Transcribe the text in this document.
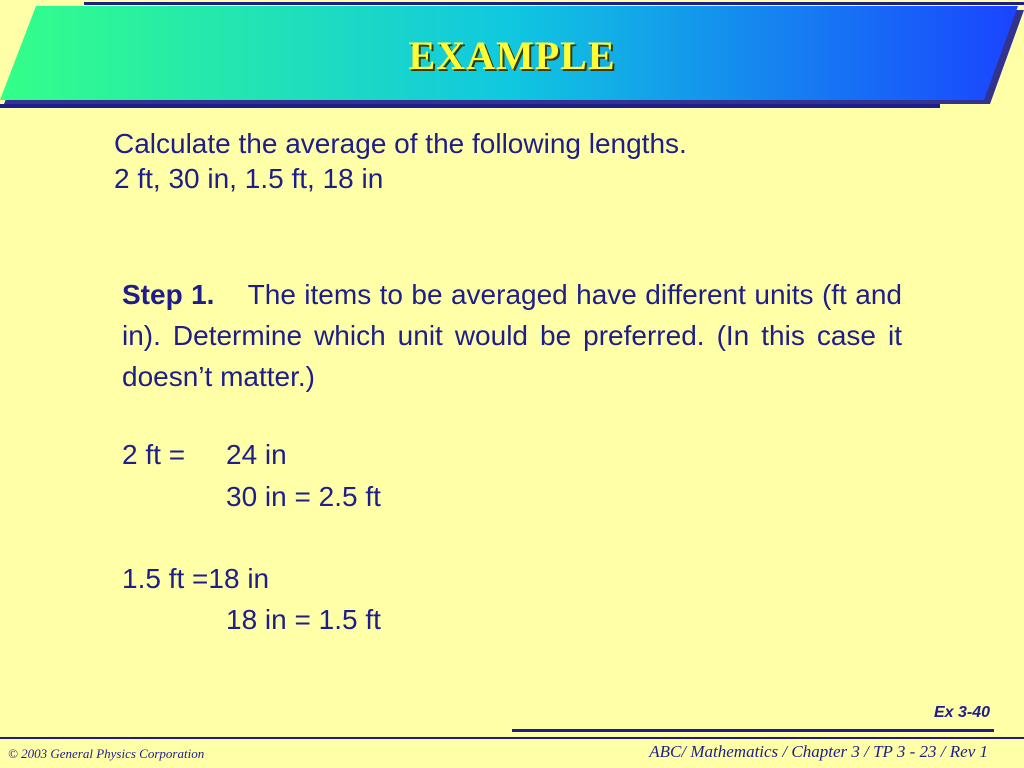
EXAMPLE
Calculate the average of the following lengths.
2 ft, 30 in, 1.5 ft, 18 in
Step 1. The items to be averaged have different units (ft and in). Determine which unit would be preferred. (In this case it doesn’t matter.)
2 ft = 24 in
30 in = 2.5 ft
1.5 ft =18 in
18 in = 1.5 ft
Ex 3-40
© 2003 General Physics Corporation	ABC/ Mathematics / Chapter 3 / TP 3 - 23 / Rev 1
